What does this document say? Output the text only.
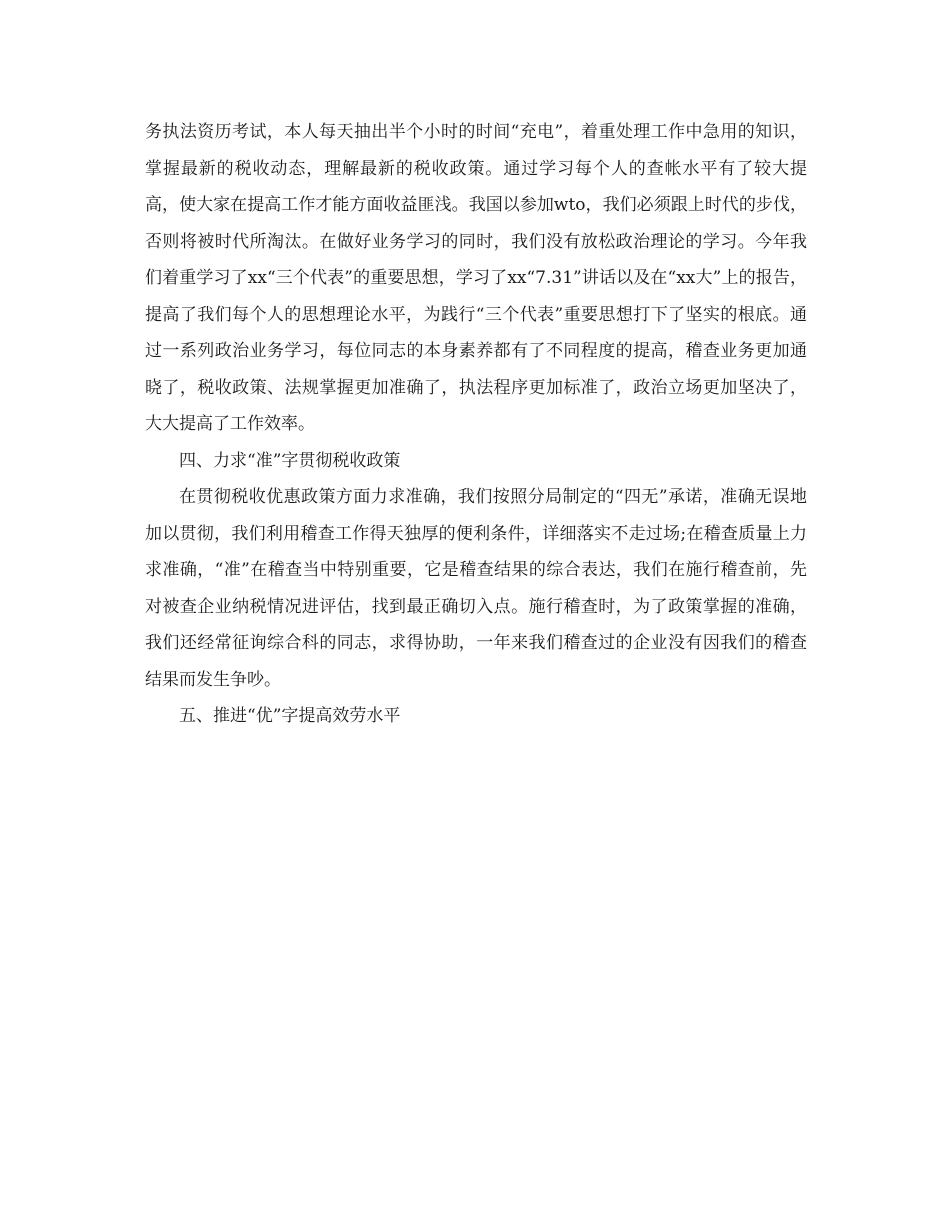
务执法资历考试，本人每天抽出半个小时的时间“充电”，着重处理工作中急用的知识，掌握最新的税收动态，理解最新的税收政策。通过学习每个人的查帐水平有了较大提高，使大家在提高工作才能方面收益匪浅。我国以参加wto，我们必须跟上时代的步伐，否则将被时代所淘汰。在做好业务学习的同时，我们没有放松政治理论的学习。今年我们着重学习了xx“三个代表”的重要思想，学习了xx“7.31”讲话以及在“xx大”上的报告，提高了我们每个人的思想理论水平，为践行“三个代表”重要思想打下了坚实的根底。通过一系列政治业务学习，每位同志的本身素养都有了不同程度的提高，稽查业务更加通晓了，税收政策、法规掌握更加准确了，执法程序更加标准了，政治立场更加坚决了，大大提高了工作效率。

四、力求“准”字贯彻税收政策

在贯彻税收优惠政策方面力求准确，我们按照分局制定的“四无”承诺，准确无误地加以贯彻，我们利用稽查工作得天独厚的便利条件，详细落实不走过场;在稽查质量上力求准确，“准”在稽查当中特别重要，它是稽查结果的综合表达，我们在施行稽查前，先对被查企业纳税情况进评估，找到最正确切入点。施行稽查时，为了政策掌握的准确，我们还经常征询综合科的同志，求得协助，一年来我们稽查过的企业没有因我们的稽查结果而发生争吵。

五、推进“优”字提高效劳水平
